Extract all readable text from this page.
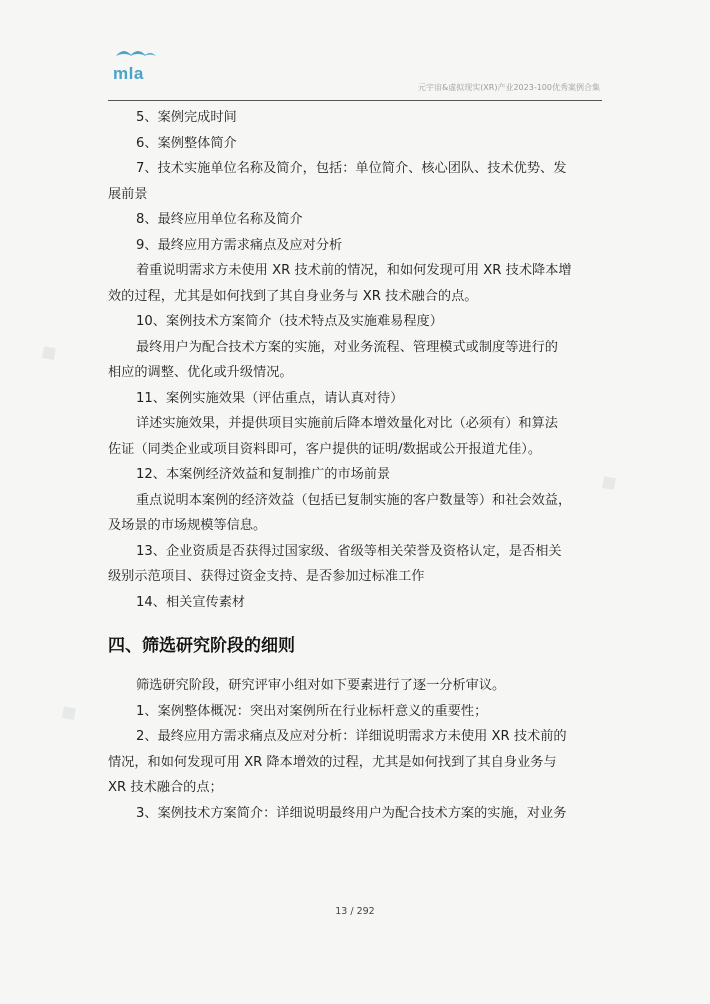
◆
◆
◆
mla
元宇宙&虚拟现实(XR)产业2023-100优秀案例合集

5、案例完成时间

6、案例整体简介

7、技术实施单位名称及简介，包括：单位简介、核心团队、技术优势、发

展前景

8、最终应用单位名称及简介

9、最终应用方需求痛点及应对分析

着重说明需求方未使用 XR 技术前的情况，和如何发现可用 XR 技术降本增

效的过程，尤其是如何找到了其自身业务与 XR 技术融合的点。

10、案例技术方案简介（技术特点及实施难易程度）

最终用户为配合技术方案的实施，对业务流程、管理模式或制度等进行的

相应的调整、优化或升级情况。

11、案例实施效果（评估重点，请认真对待）

详述实施效果，并提供项目实施前后降本增效量化对比（必须有）和算法

佐证（同类企业或项目资料即可，客户提供的证明/数据或公开报道尤佳）。

12、本案例经济效益和复制推广的市场前景

重点说明本案例的经济效益（包括已复制实施的客户数量等）和社会效益，

及场景的市场规模等信息。

13、企业资质是否获得过国家级、省级等相关荣誉及资格认定，是否相关

级别示范项目、获得过资金支持、是否参加过标准工作

14、相关宣传素材

四、筛选研究阶段的细则

筛选研究阶段，研究评审小组对如下要素进行了逐一分析审议。

1、案例整体概况：突出对案例所在行业标杆意义的重要性；

2、最终应用方需求痛点及应对分析：详细说明需求方未使用 XR 技术前的

情况，和如何发现可用 XR 降本增效的过程，尤其是如何找到了其自身业务与

XR 技术融合的点；

3、案例技术方案简介：详细说明最终用户为配合技术方案的实施，对业务

13 / 292
